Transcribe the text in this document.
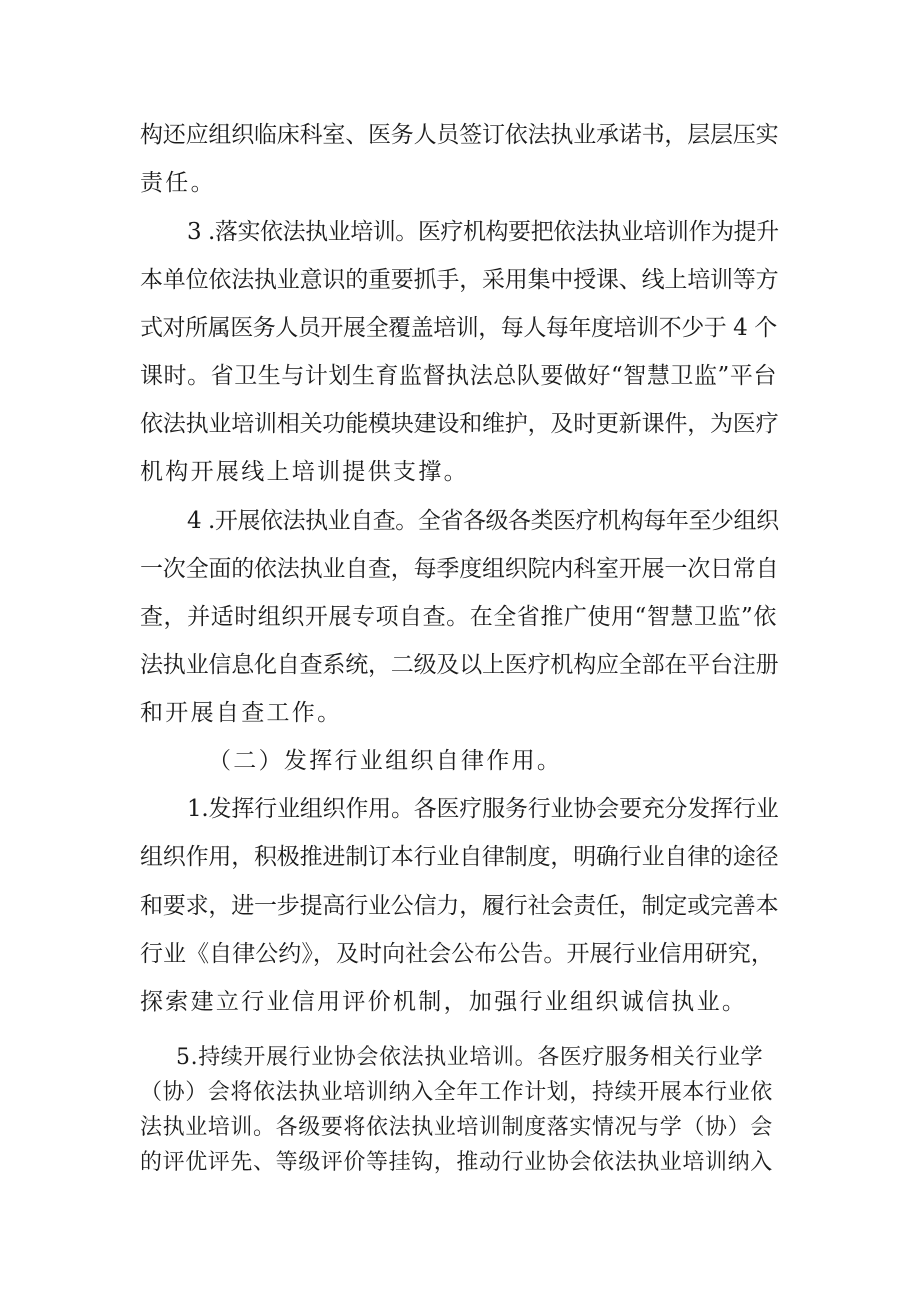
构还应组织临床科室、医务人员签订依法执业承诺书，层层压实

责任。

3 .落实依法执业培训。医疗机构要把依法执业培训作为提升

本单位依法执业意识的重要抓手，采用集中授课、线上培训等方

式对所属医务人员开展全覆盖培训，每人每年度培训不少于 4 个

课时。省卫生与计划生育监督执法总队要做好“智慧卫监”平台

依法执业培训相关功能模块建设和维护，及时更新课件，为医疗

机构开展线上培训提供支撑。

4 .开展依法执业自查。全省各级各类医疗机构每年至少组织

一次全面的依法执业自查，每季度组织院内科室开展一次日常自

查，并适时组织开展专项自查。在全省推广使用“智慧卫监”依

法执业信息化自查系统，二级及以上医疗机构应全部在平台注册

和开展自查工作。

（二）发挥行业组织自律作用。

1.发挥行业组织作用。各医疗服务行业协会要充分发挥行业

组织作用，积极推进制订本行业自律制度，明确行业自律的途径

和要求，进一步提高行业公信力，履行社会责任，制定或完善本

行业《自律公约》，及时向社会公布公告。开展行业信用研究，

探索建立行业信用评价机制，加强行业组织诚信执业。

5.持续开展行业协会依法执业培训。各医疗服务相关行业学

（协）会将依法执业培训纳入全年工作计划，持续开展本行业依

法执业培训。各级要将依法执业培训制度落实情况与学（协）会

的评优评先、等级评价等挂钩，推动行业协会依法执业培训纳入
